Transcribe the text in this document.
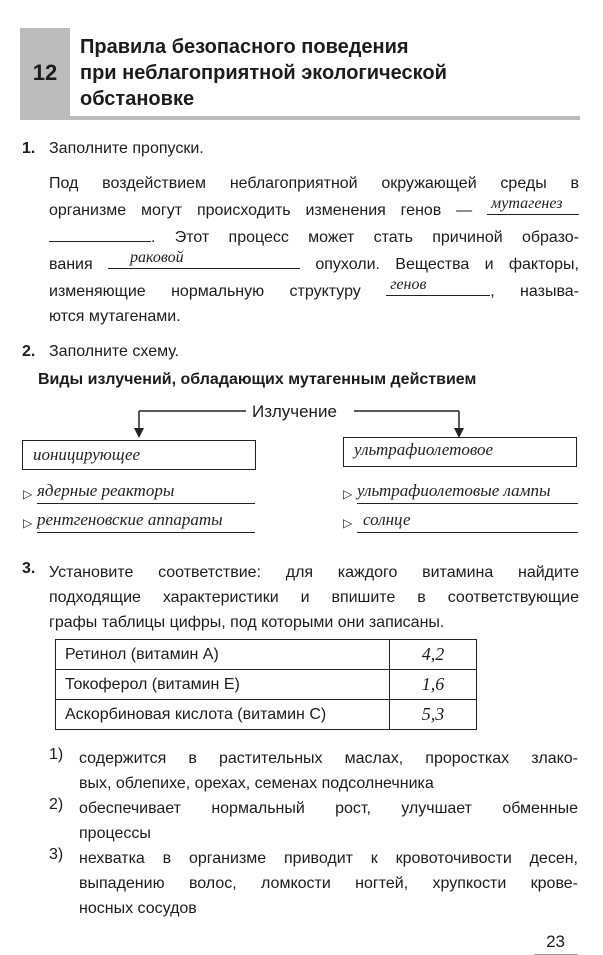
12
Правила безопасного поведения
при неблагоприятной экологической
обстановке
1. Заполните пропуски.
Под воздействием неблагоприятной окружающей среды в
организме могут происходить изменения генов — мутагенез
. Этот процесс может стать причиной образо-
вания раковой	опухоли. Вещества и факторы,
изменяющие нормальную структуру генов	, называ-
ются мутагенами.
2. Заполните схему.
Виды излучений, обладающих мутагенным действием
Излучение
ионицирующее	ультрафиолетовое
▷ ядерные реакторы
▷ рентгеновские аппараты
▷ ультрафиолетовые лампы
▷ солнце
3. Установите соответствие: для каждого витамина найдите
подходящие характеристики и впишите в соответствующие
графы таблицы цифры, под которыми они записаны.
Ретинол (витамин А)	4,2
Токоферол (витамин Е)	1,6
Аскорбиновая кислота (витамин С)	5,3
1) содержится в растительных маслах, проростках злако-
вых, облепихе, орехах, семенах подсолнечника
2) обеспечивает нормальный рост, улучшает обменные
процессы
3) нехватка в организме приводит к кровоточивости десен,
выпадению волос, ломкости ногтей, хрупкости крове-
носных сосудов
23
